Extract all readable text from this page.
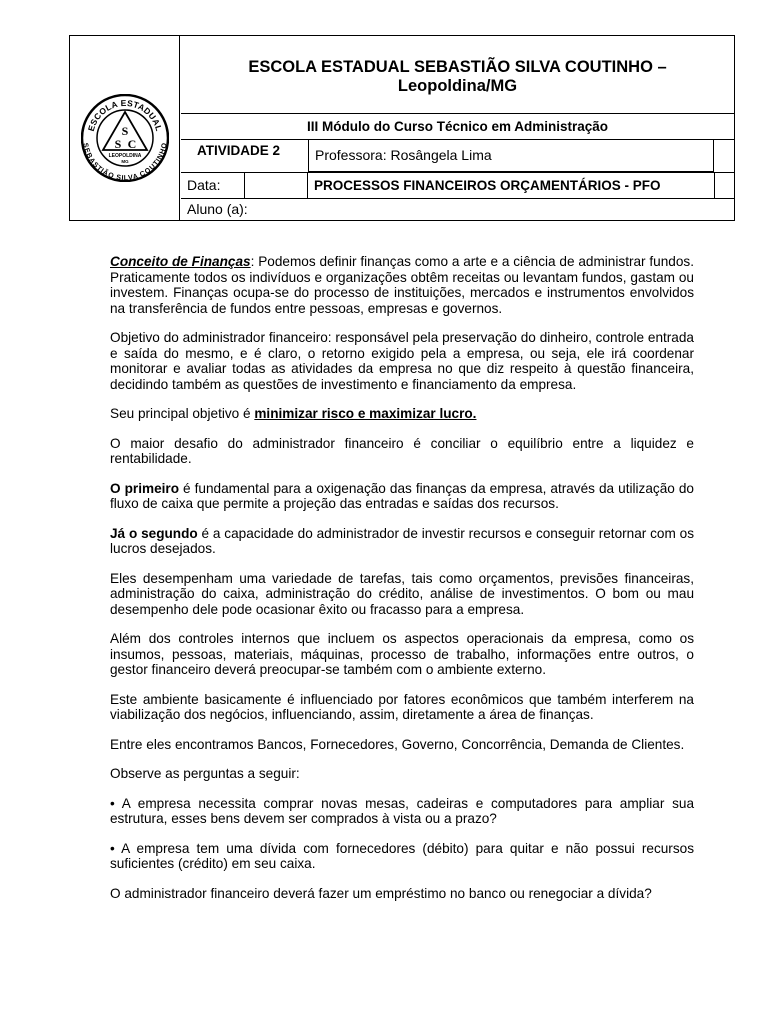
ESCOLA ESTADUAL
SEBASTIÃO SILVA COUTINHO
S
S C
LEOPOLDINA
MG
ESCOLA ESTADUAL SEBASTIÃO SILVA COUTINHO –
Leopoldina/MG
III Módulo do Curso Técnico em Administração
ATIVIDADE 2	Professora: Rosângela Lima
Data:	PROCESSOS FINANCEIROS ORÇAMENTÁRIOS - PFO
Aluno (a):

Conceito de Finanças: Podemos definir finanças como a arte e a ciência de administrar fundos. Praticamente todos os indivíduos e organizações obtêm receitas ou levantam fundos, gastam ou investem. Finanças ocupa-se do processo de instituições, mercados e instrumentos envolvidos na transferência de fundos entre pessoas, empresas e governos.

Objetivo do administrador financeiro: responsável pela preservação do dinheiro, controle entrada e saída do mesmo, e é claro, o retorno exigido pela a empresa, ou seja, ele irá coordenar monitorar e avaliar todas as atividades da empresa no que diz respeito à questão financeira, decidindo também as questões de investimento e financiamento da empresa.

Seu principal objetivo é minimizar risco e maximizar lucro.

O maior desafio do administrador financeiro é conciliar o equilíbrio entre a liquidez e rentabilidade.

O primeiro é fundamental para a oxigenação das finanças da empresa, através da utilização do fluxo de caixa que permite a projeção das entradas e saídas dos recursos.

Já o segundo é a capacidade do administrador de investir recursos e conseguir retornar com os lucros desejados.

Eles desempenham uma variedade de tarefas, tais como orçamentos, previsões financeiras, administração do caixa, administração do crédito, análise de investimentos. O bom ou mau desempenho dele pode ocasionar êxito ou fracasso para a empresa.

Além dos controles internos que incluem os aspectos operacionais da empresa, como os insumos, pessoas, materiais, máquinas, processo de trabalho, informações entre outros, o gestor financeiro deverá preocupar-se também com o ambiente externo.

Este ambiente basicamente é influenciado por fatores econômicos que também interferem na viabilização dos negócios, influenciando, assim, diretamente a área de finanças.

Entre eles encontramos Bancos, Fornecedores, Governo, Concorrência, Demanda de Clientes.

Observe as perguntas a seguir:

• A empresa necessita comprar novas mesas, cadeiras e computadores para ampliar sua estrutura, esses bens devem ser comprados à vista ou a prazo?

• A empresa tem uma dívida com fornecedores (débito) para quitar e não possui recursos suficientes (crédito) em seu caixa.

O administrador financeiro deverá fazer um empréstimo no banco ou renegociar a dívida?
